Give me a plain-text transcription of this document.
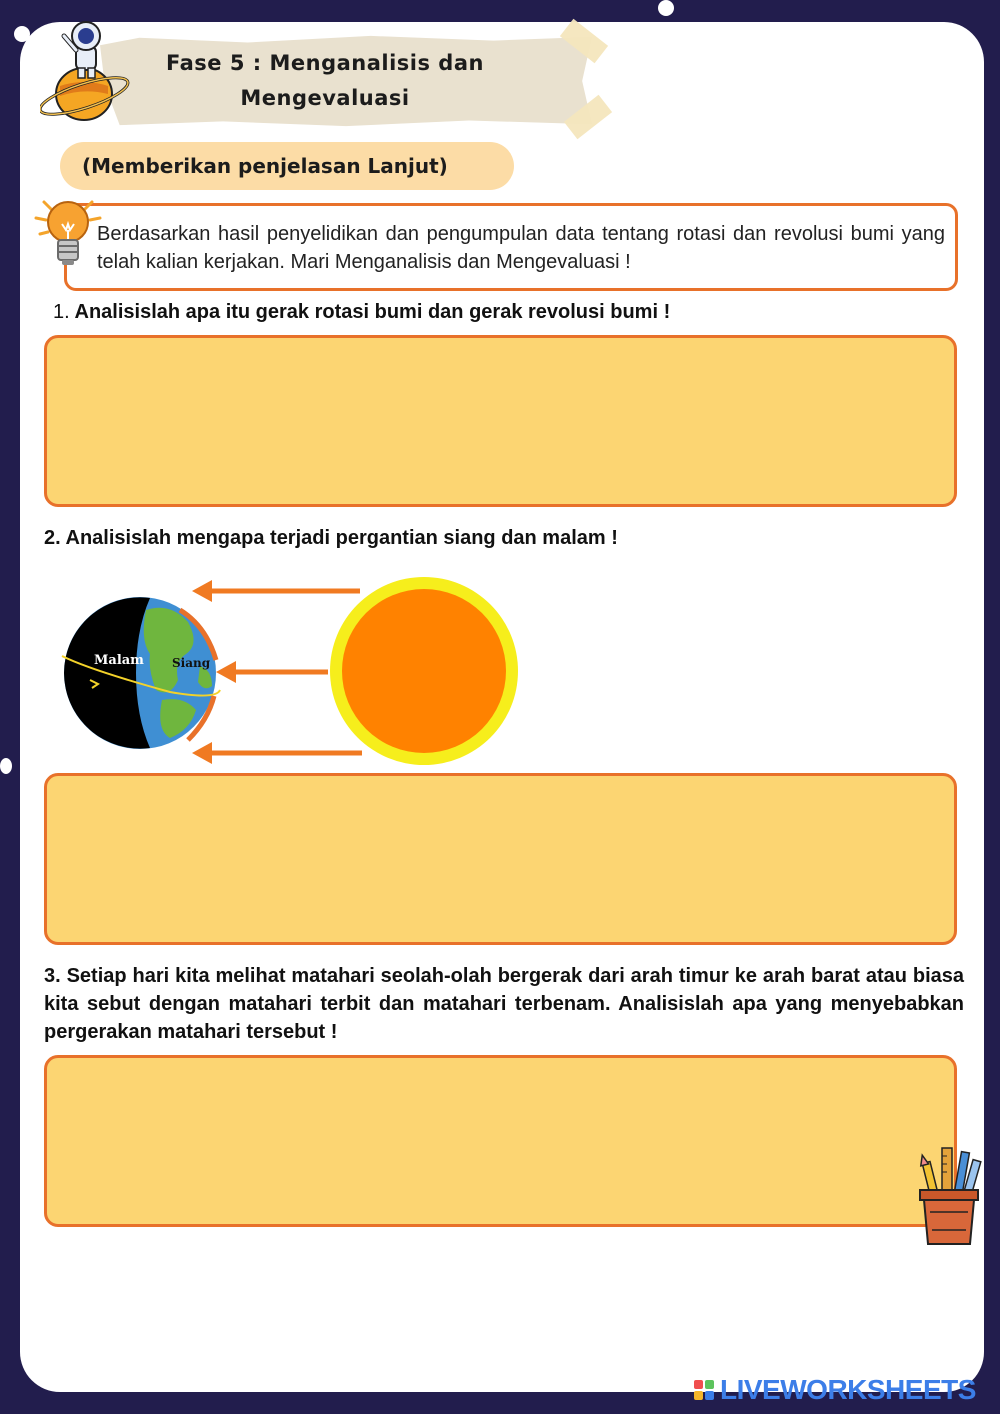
Fase 5 : Menganalisis dan
Mengevaluasi
(Memberikan penjelasan Lanjut)
Berdasarkan hasil penyelidikan dan pengumpulan data tentang rotasi dan revolusi bumi yang telah kalian kerjakan. Mari Menganalisis dan Mengevaluasi !
1. Analisislah apa itu gerak rotasi bumi dan gerak revolusi bumi !
2. Analisislah mengapa terjadi pergantian siang dan malam !
Malam Siang
3. Setiap hari kita melihat matahari seolah-olah bergerak dari arah timur ke arah barat atau biasa kita sebut dengan matahari terbit dan matahari terbenam. Analisislah apa yang menyebabkan pergerakan matahari tersebut !
LIVEWORKSHEETS
